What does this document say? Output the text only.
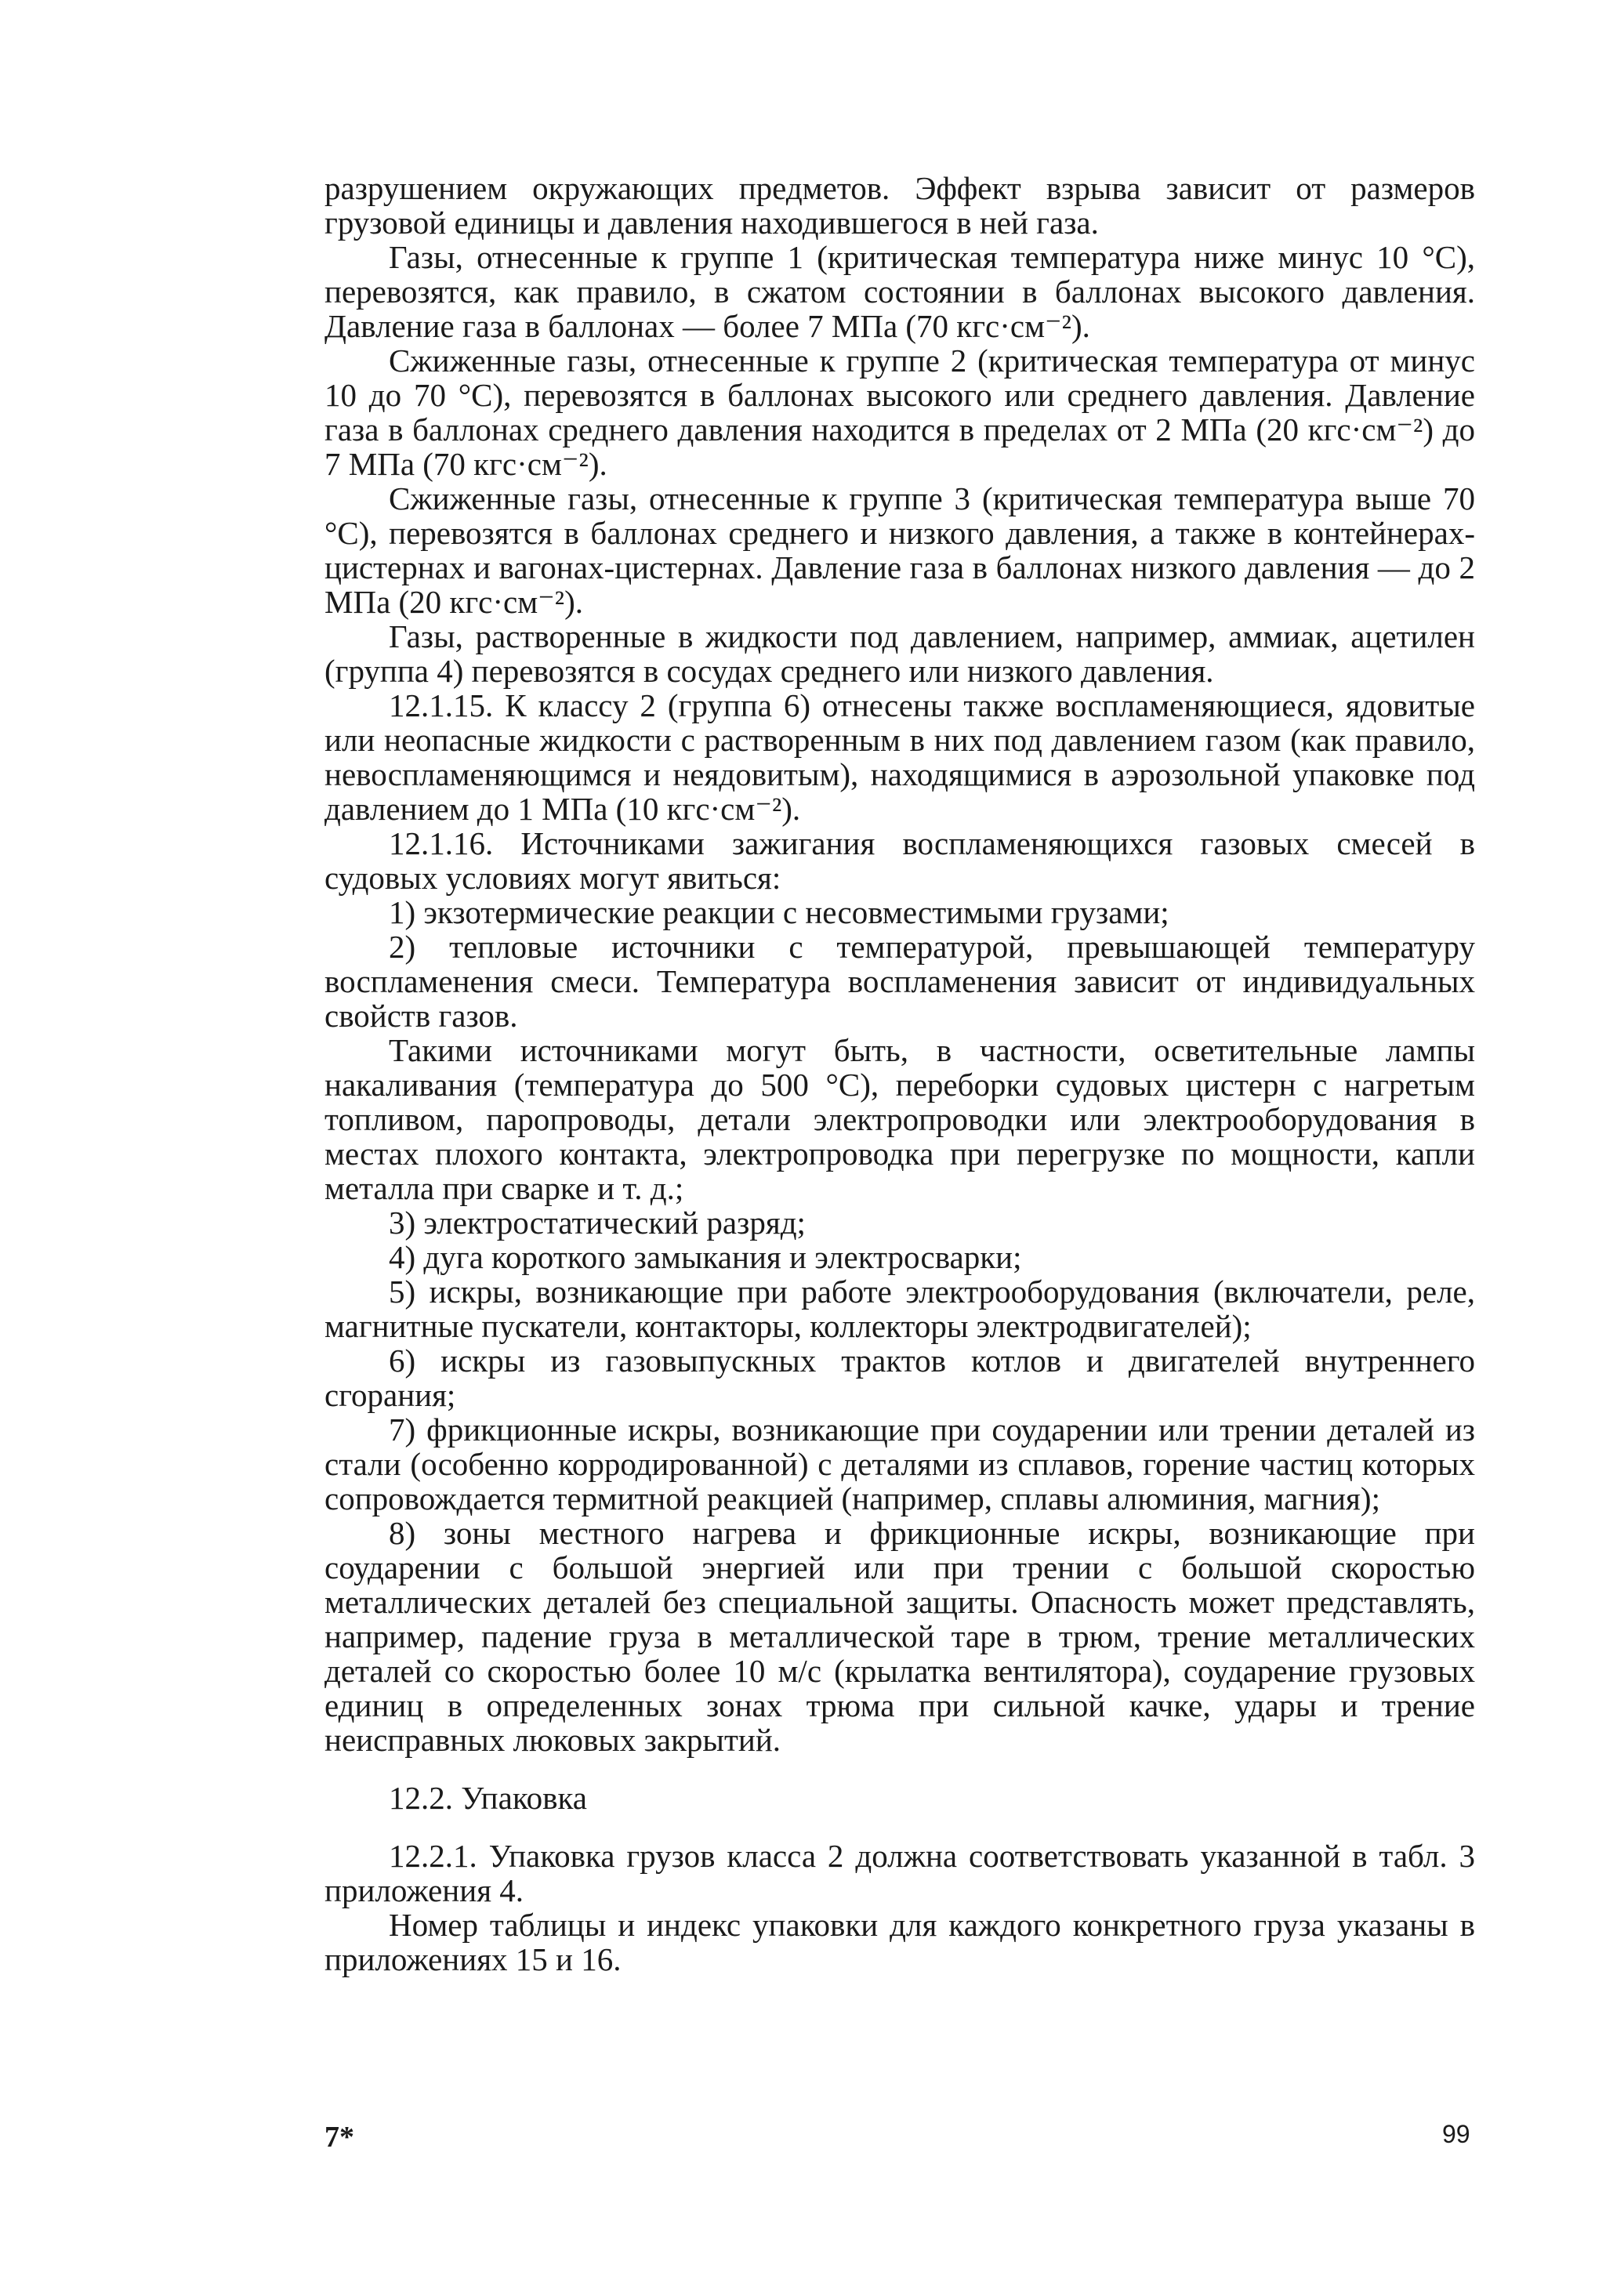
разрушением окружающих предметов. Эффект взрыва зависит от размеров грузовой единицы и давления находившегося в ней газа.

Газы, отнесенные к группе 1 (критическая температура ниже минус 10 °С), перевозятся, как правило, в сжатом состоянии в баллонах высокого давления. Давление газа в баллонах — более 7 МПа (70 кгс·см⁻²).

Сжиженные газы, отнесенные к группе 2 (критическая температура от минус 10 до 70 °С), перевозятся в баллонах высокого или среднего давления. Давление газа в баллонах среднего давления находится в пределах от 2 МПа (20 кгс·см⁻²) до 7 МПа (70 кгс·см⁻²).

Сжиженные газы, отнесенные к группе 3 (критическая температура выше 70 °С), перевозятся в баллонах среднего и низкого давления, а также в контейнерах-цистернах и вагонах-цистернах. Давление газа в баллонах низкого давления — до 2 МПа (20 кгс·см⁻²).

Газы, растворенные в жидкости под давлением, например, аммиак, ацетилен (группа 4) перевозятся в сосудах среднего или низкого давления.

12.1.15. К классу 2 (группа 6) отнесены также воспламеняющиеся, ядовитые или неопасные жидкости с растворенным в них под давлением газом (как правило, невоспламеняющимся и неядовитым), находящимися в аэрозольной упаковке под давлением до 1 МПа (10 кгс·см⁻²).

12.1.16. Источниками зажигания воспламеняющихся газовых смесей в судовых условиях могут явиться:

1) экзотермические реакции с несовместимыми грузами;

2) тепловые источники с температурой, превышающей температуру воспламенения смеси. Температура воспламенения зависит от индивидуальных свойств газов.

Такими источниками могут быть, в частности, осветительные лампы накаливания (температура до 500 °С), переборки судовых цистерн с нагретым топливом, паропроводы, детали электропроводки или электрооборудования в местах плохого контакта, электропроводка при перегрузке по мощности, капли металла при сварке и т. д.;

3) электростатический разряд;

4) дуга короткого замыкания и электросварки;

5) искры, возникающие при работе электрооборудования (включатели, реле, магнитные пускатели, контакторы, коллекторы электродвигателей);

6) искры из газовыпускных трактов котлов и двигателей внутреннего сгорания;

7) фрикционные искры, возникающие при соударении или трении деталей из стали (особенно корродированной) с деталями из сплавов, горение частиц которых сопровождается термитной реакцией (например, сплавы алюминия, магния);

8) зоны местного нагрева и фрикционные искры, возникающие при соударении с большой энергией или при трении с большой скоростью металлических деталей без специальной защиты. Опасность может представлять, например, падение груза в металлической таре в трюм, трение металлических деталей со скоростью более 10 м/с (крылатка вентилятора), соударение грузовых единиц в определенных зонах трюма при сильной качке, удары и трение неисправных люковых закрытий.

12.2. Упаковка

12.2.1. Упаковка грузов класса 2 должна соответствовать указанной в табл. 3 приложения 4.

Номер таблицы и индекс упаковки для каждого конкретного груза указаны в приложениях 15 и 16.

7*	99
